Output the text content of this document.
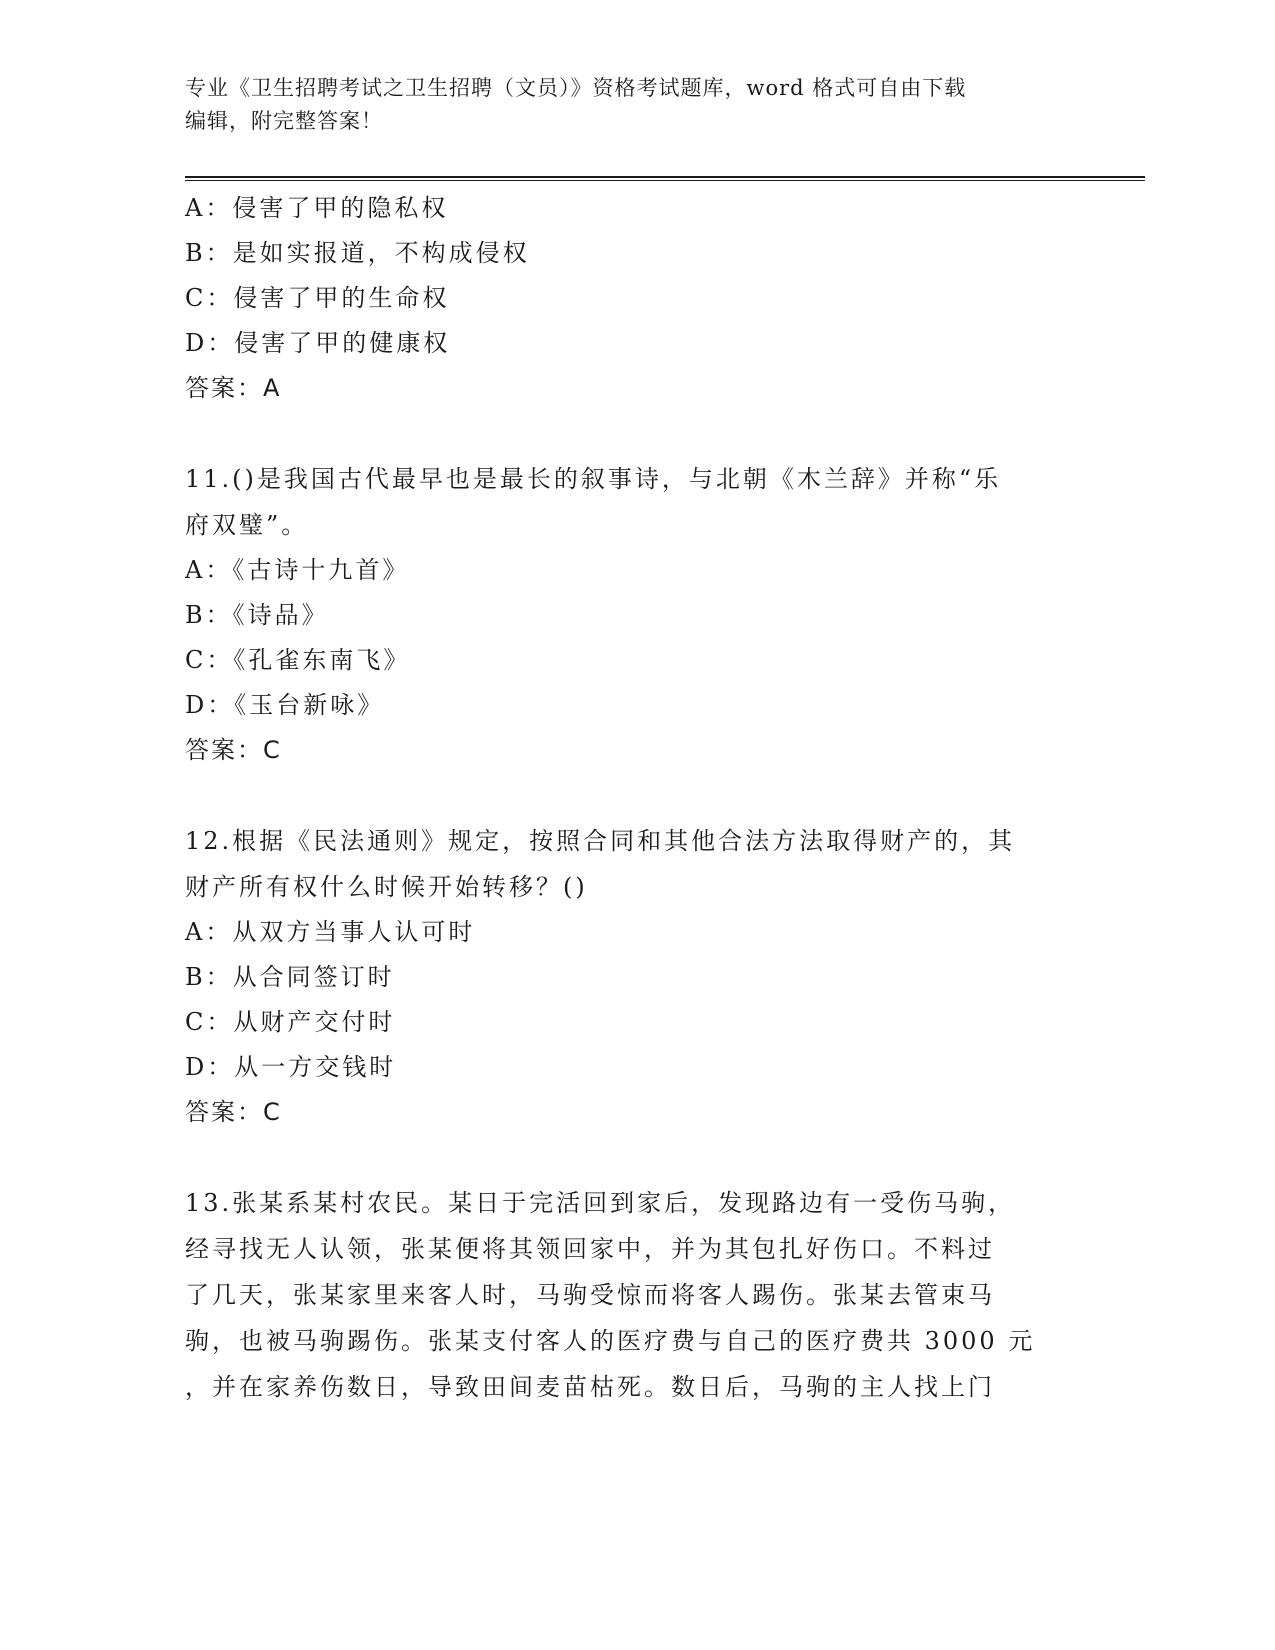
专业《卫生招聘考试之卫生招聘（文员）》资格考试题库，word 格式可自由下载
编辑，附完整答案！
A：侵害了甲的隐私权
B：是如实报道，不构成侵权
C：侵害了甲的生命权
D：侵害了甲的健康权
答案：A
11.()是我国古代最早也是最长的叙事诗，与北朝《木兰辞》并称“乐
府双璧”。
A：《古诗十九首》
B：《诗品》
C：《孔雀东南飞》
D：《玉台新咏》
答案：C
12.根据《民法通则》规定，按照合同和其他合法方法取得财产的，其
财产所有权什么时候开始转移？()
A：从双方当事人认可时
B：从合同签订时
C：从财产交付时
D：从一方交钱时
答案：C
13.张某系某村农民。某日于完活回到家后，发现路边有一受伤马驹，
经寻找无人认领，张某便将其领回家中，并为其包扎好伤口。不料过
了几天，张某家里来客人时，马驹受惊而将客人踢伤。张某去管束马
驹，也被马驹踢伤。张某支付客人的医疗费与自己的医疗费共 3000 元
，并在家养伤数日，导致田间麦苗枯死。数日后，马驹的主人找上门
